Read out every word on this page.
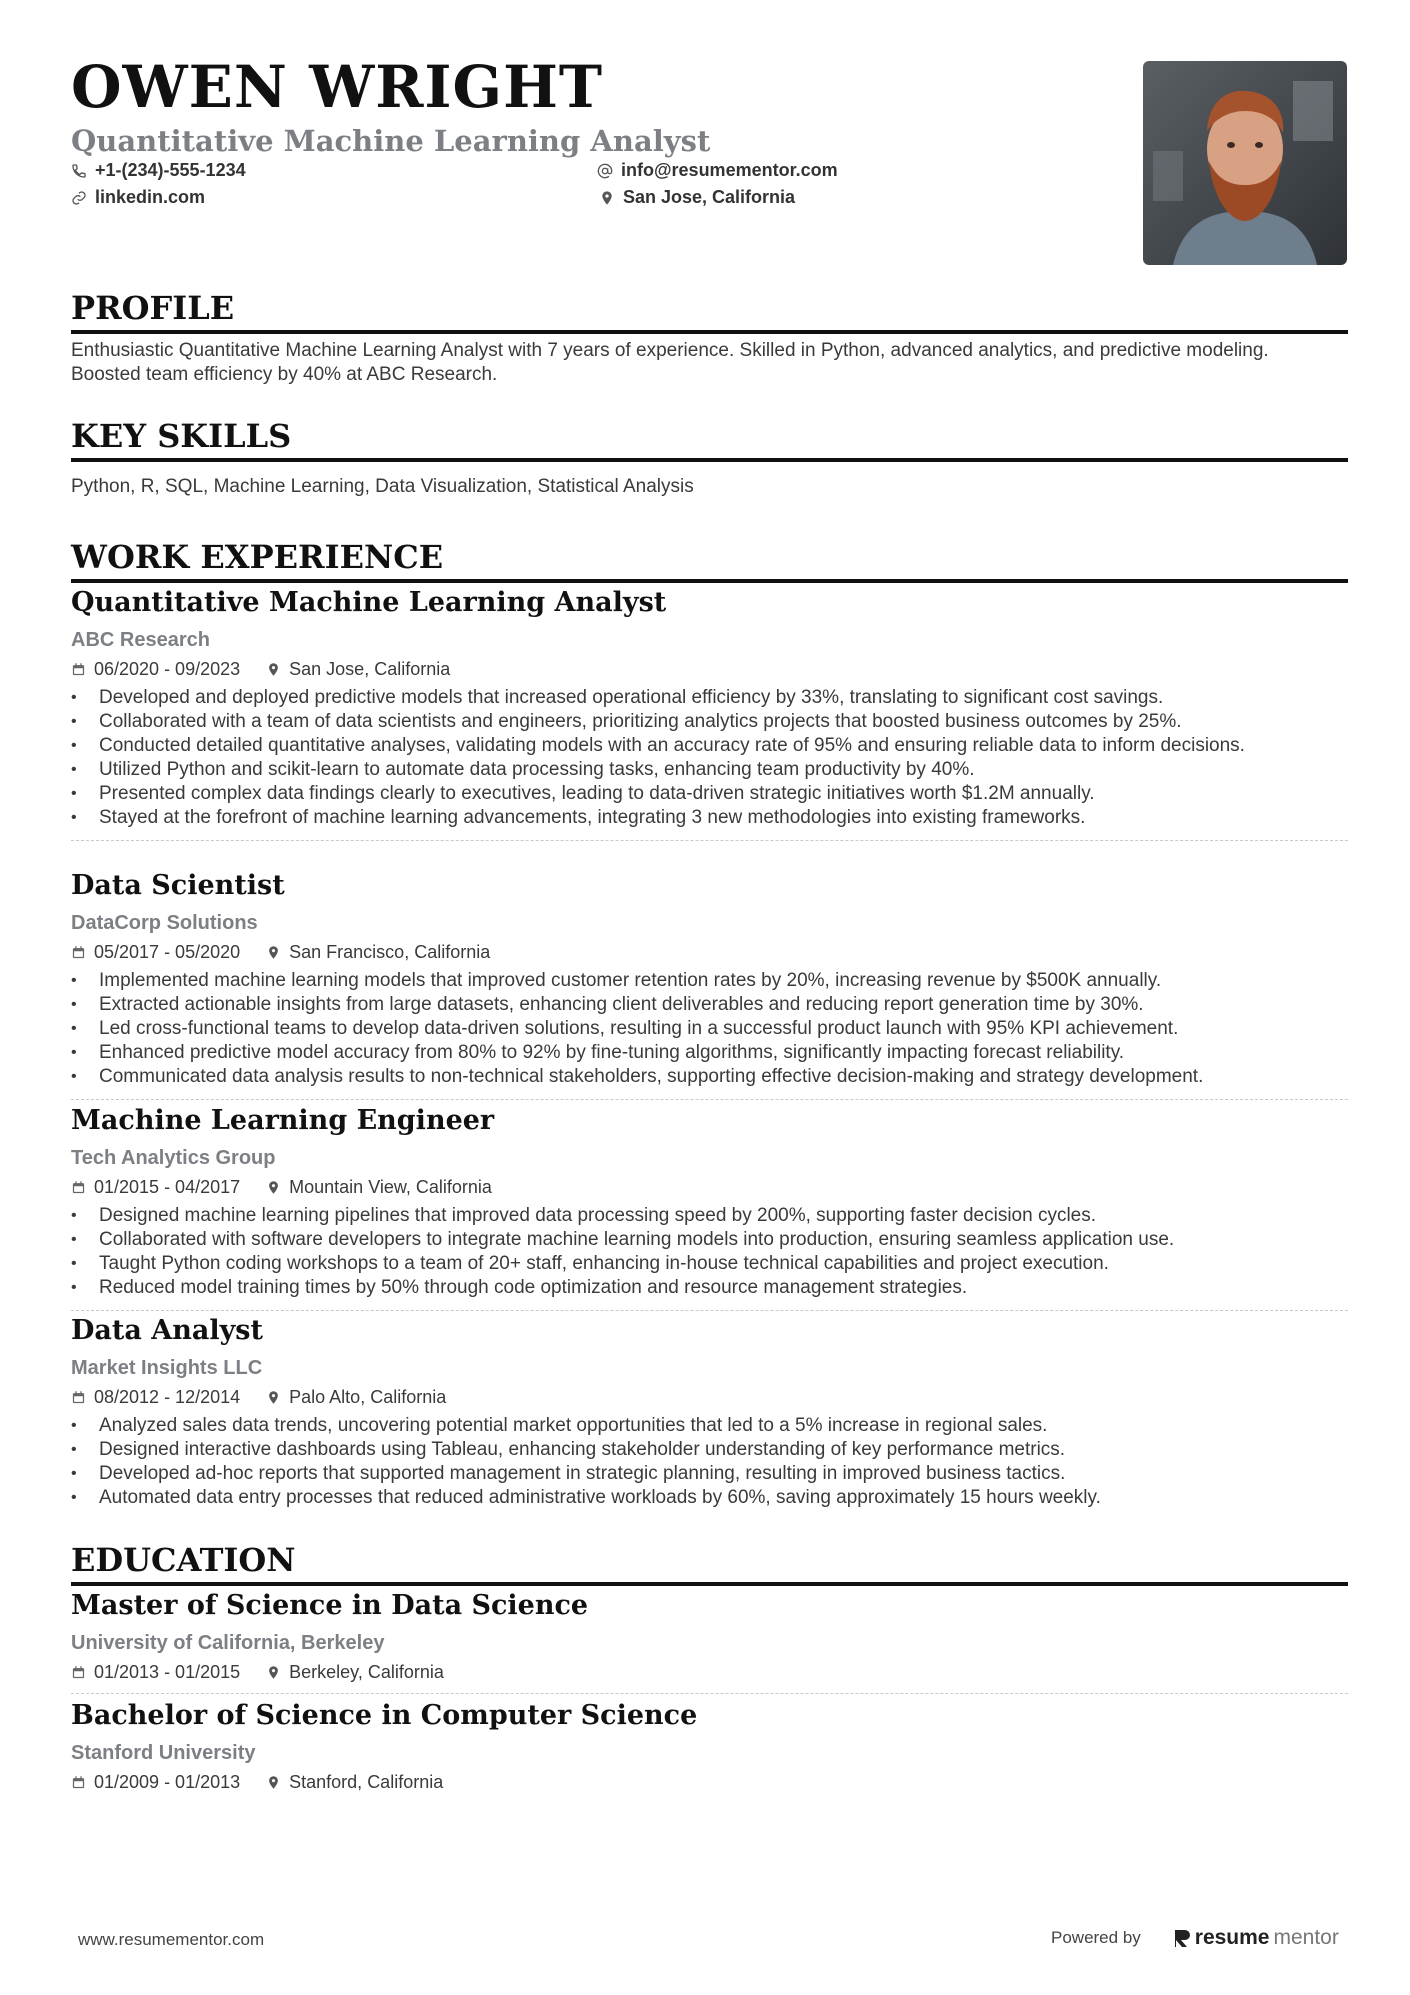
OWEN WRIGHT
Quantitative Machine Learning Analyst
+1-(234)-555-1234	info@resumementor.com
linkedin.com	San Jose, California
PROFILE

Enthusiastic Quantitative Machine Learning Analyst with 7 years of experience. Skilled in Python, advanced analytics, and predictive modeling. Boosted team efficiency by 40% at ABC Research.

KEY SKILLS

Python, R, SQL, Machine Learning, Data Visualization, Statistical Analysis

WORK EXPERIENCE
Quantitative Machine Learning Analyst
ABC Research
06/2020 - 09/2023	San Jose, California
• Developed and deployed predictive models that increased operational efficiency by 33%, translating to significant cost savings.
• Collaborated with a team of data scientists and engineers, prioritizing analytics projects that boosted business outcomes by 25%.
• Conducted detailed quantitative analyses, validating models with an accuracy rate of 95% and ensuring reliable data to inform decisions.
• Utilized Python and scikit-learn to automate data processing tasks, enhancing team productivity by 40%.
• Presented complex data findings clearly to executives, leading to data-driven strategic initiatives worth $1.2M annually.
• Stayed at the forefront of machine learning advancements, integrating 3 new methodologies into existing frameworks.
Data Scientist
DataCorp Solutions
05/2017 - 05/2020	San Francisco, California
• Implemented machine learning models that improved customer retention rates by 20%, increasing revenue by $500K annually.
• Extracted actionable insights from large datasets, enhancing client deliverables and reducing report generation time by 30%.
• Led cross-functional teams to develop data-driven solutions, resulting in a successful product launch with 95% KPI achievement.
• Enhanced predictive model accuracy from 80% to 92% by fine-tuning algorithms, significantly impacting forecast reliability.
• Communicated data analysis results to non-technical stakeholders, supporting effective decision-making and strategy development.
Machine Learning Engineer
Tech Analytics Group
01/2015 - 04/2017	Mountain View, California
• Designed machine learning pipelines that improved data processing speed by 200%, supporting faster decision cycles.
• Collaborated with software developers to integrate machine learning models into production, ensuring seamless application use.
• Taught Python coding workshops to a team of 20+ staff, enhancing in-house technical capabilities and project execution.
• Reduced model training times by 50% through code optimization and resource management strategies.
Data Analyst
Market Insights LLC
08/2012 - 12/2014	Palo Alto, California
• Analyzed sales data trends, uncovering potential market opportunities that led to a 5% increase in regional sales.
• Designed interactive dashboards using Tableau, enhancing stakeholder understanding of key performance metrics.
• Developed ad-hoc reports that supported management in strategic planning, resulting in improved business tactics.
• Automated data entry processes that reduced administrative workloads by 60%, saving approximately 15 hours weekly.
EDUCATION
Master of Science in Data Science
University of California, Berkeley
01/2013 - 01/2015	Berkeley, California
Bachelor of Science in Computer Science
Stanford University
01/2009 - 01/2013	Stanford, California
www.resumementor.com	Powered by	resume mentor
